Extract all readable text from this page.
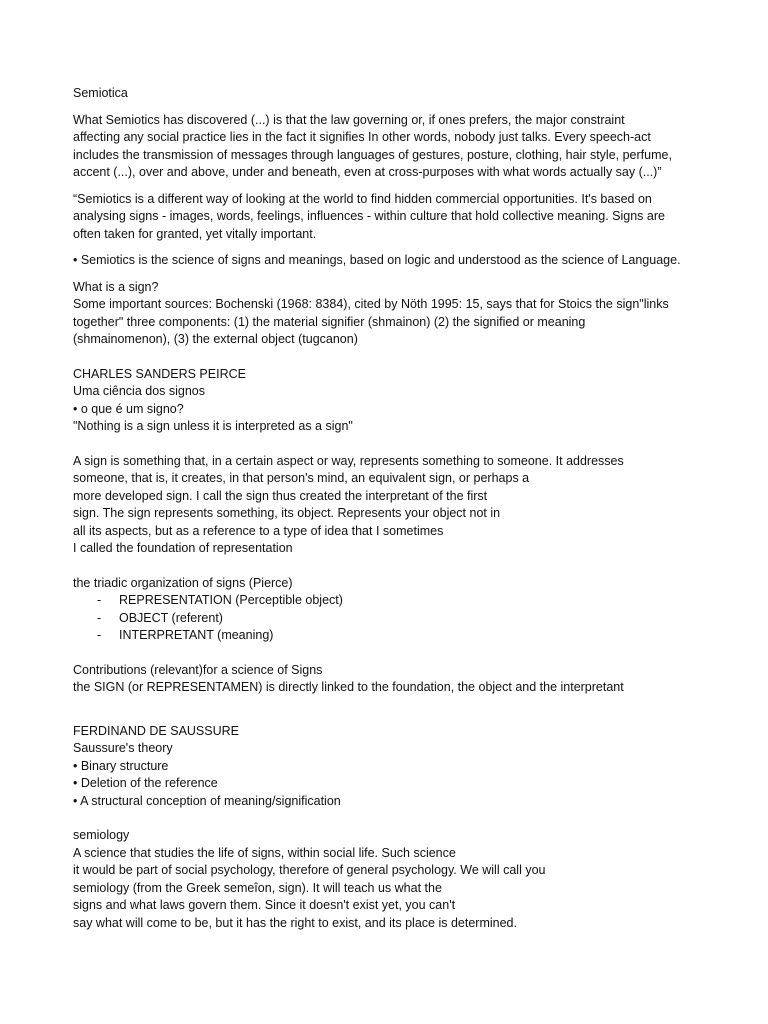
Semiotica

What Semiotics has discovered (...) is that the law governing or, if ones prefers, the major constraint

affecting any social practice lies in the fact it signifies In other words, nobody just talks. Every speech-act

includes the transmission of messages through languages of gestures, posture, clothing, hair style, perfume,

accent (...), over and above, under and beneath, even at cross-purposes with what words actually say (...)”

“Semiotics is a different way of looking at the world to find hidden commercial opportunities. It's based on

analysing signs - images, words, feelings, influences - within culture that hold collective meaning. Signs are

often taken for granted, yet vitally important.

• Semiotics is the science of signs and meanings, based on logic and understood as the science of Language.

What is a sign?

Some important sources: Bochenski (1968: 8384), cited by Nöth 1995: 15, says that for Stoics the sign"links

together" three components: (1) the material signifier (shmainon) (2) the signified or meaning

(shmainomenon), (3) the external object (tugcanon)

CHARLES SANDERS PEIRCE

Uma ciência dos signos

• o que é um signo?

"Nothing is a sign unless it is interpreted as a sign"

A sign is something that, in a certain aspect or way, represents something to someone. It addresses

someone, that is, it creates, in that person's mind, an equivalent sign, or perhaps a

more developed sign. I call the sign thus created the interpretant of the first

sign. The sign represents something, its object. Represents your object not in

all its aspects, but as a reference to a type of idea that I sometimes

I called the foundation of representation

the triadic organization of signs (Pierce)

-	REPRESENTATION (Perceptible object)
-	OBJECT (referent)
-	INTERPRETANT (meaning)

Contributions (relevant)for a science of Signs

the SIGN (or REPRESENTAMEN) is directly linked to the foundation, the object and the interpretant

FERDINAND DE SAUSSURE

Saussure's theory

• Binary structure

• Deletion of the reference

• A structural conception of meaning/signification

semiology

A science that studies the life of signs, within social life. Such science

it would be part of social psychology, therefore of general psychology. We will call you

semiology (from the Greek semeîon, sign). It will teach us what the

signs and what laws govern them. Since it doesn't exist yet, you can't

say what will come to be, but it has the right to exist, and its place is determined.
